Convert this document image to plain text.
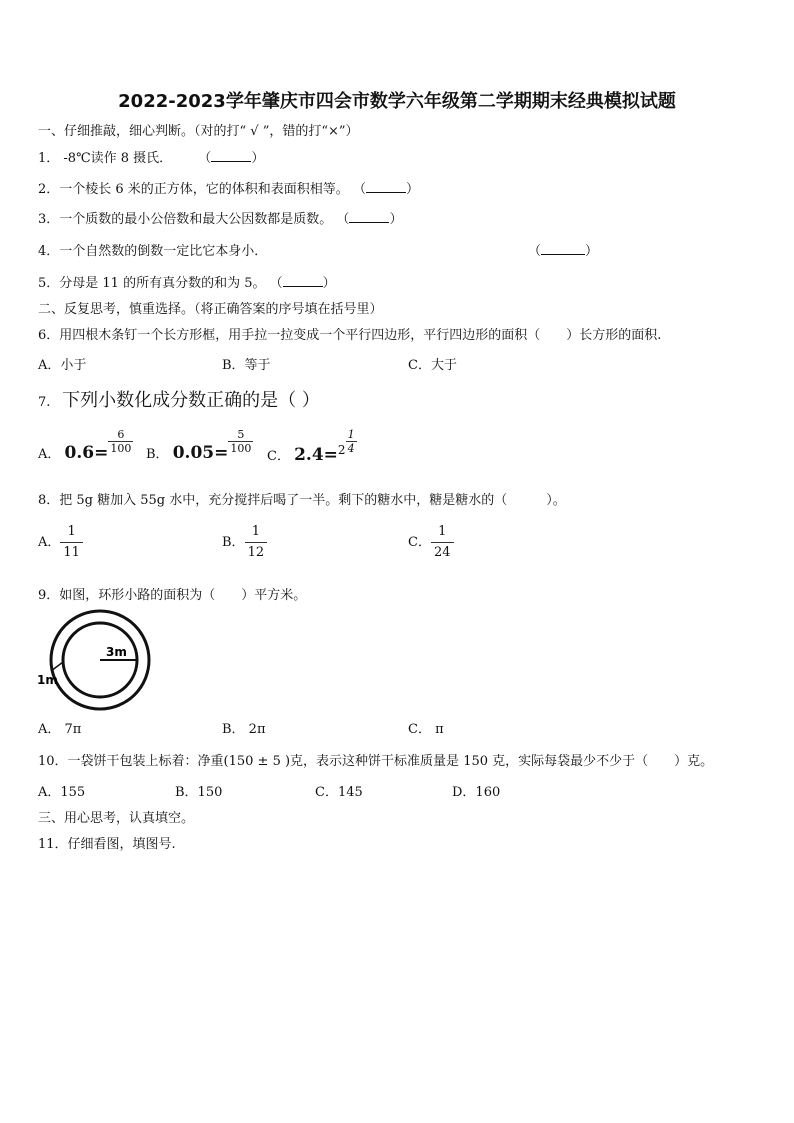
2022-2023学年肇庆市四会市数学六年级第二学期期末经典模拟试题
一、仔细推敲，细心判断。（对的打“ √ ”，错的打“×”）
1． -8℃读作 8 摄氏． （	）
2．一个棱长 6 米的正方体，它的体积和表面积相等。 （	）
3．一个质数的最小公倍数和最大公因数都是质数。 （	）
4．一个自然数的倒数一定比它本身小．	（	）
5．分母是 11 的所有真分数的和为 5。 （	）
二、反复思考，慎重选择。（将正确答案的序号填在括号里）
6．用四根木条钉一个长方形框，用手拉一拉变成一个平行四边形，平行四边形的面积（　　）长方形的面积.
A．小于	B．等于	C．大于
7. 下列小数化成分数正确的是（ ）
A． $0.6= \frac{6}{100}$ B． $0.05= \frac{5}{100}$
C． $2.4=2 \frac{1}{4}$
8．把 5g 糖加入 55g 水中，充分搅拌后喝了一半。剩下的糖水中，糖是糖水的（　　　）。
A． $\frac{1}{11}$	B． $\frac{1}{12}$	C． $\frac{1}{24}$
9．如图，环形小路的面积为（　　）平方米。
3m
1m
A． 7π	B． 2π	C． π
10．一袋饼干包装上标着：净重(150 ± 5 )克，表示这种饼干标准质量是 150 克，实际每袋最少不少于（　　）克。
A．155	B．150	C．145	D．160
三、用心思考，认真填空。
11．仔细看图，填图号.
